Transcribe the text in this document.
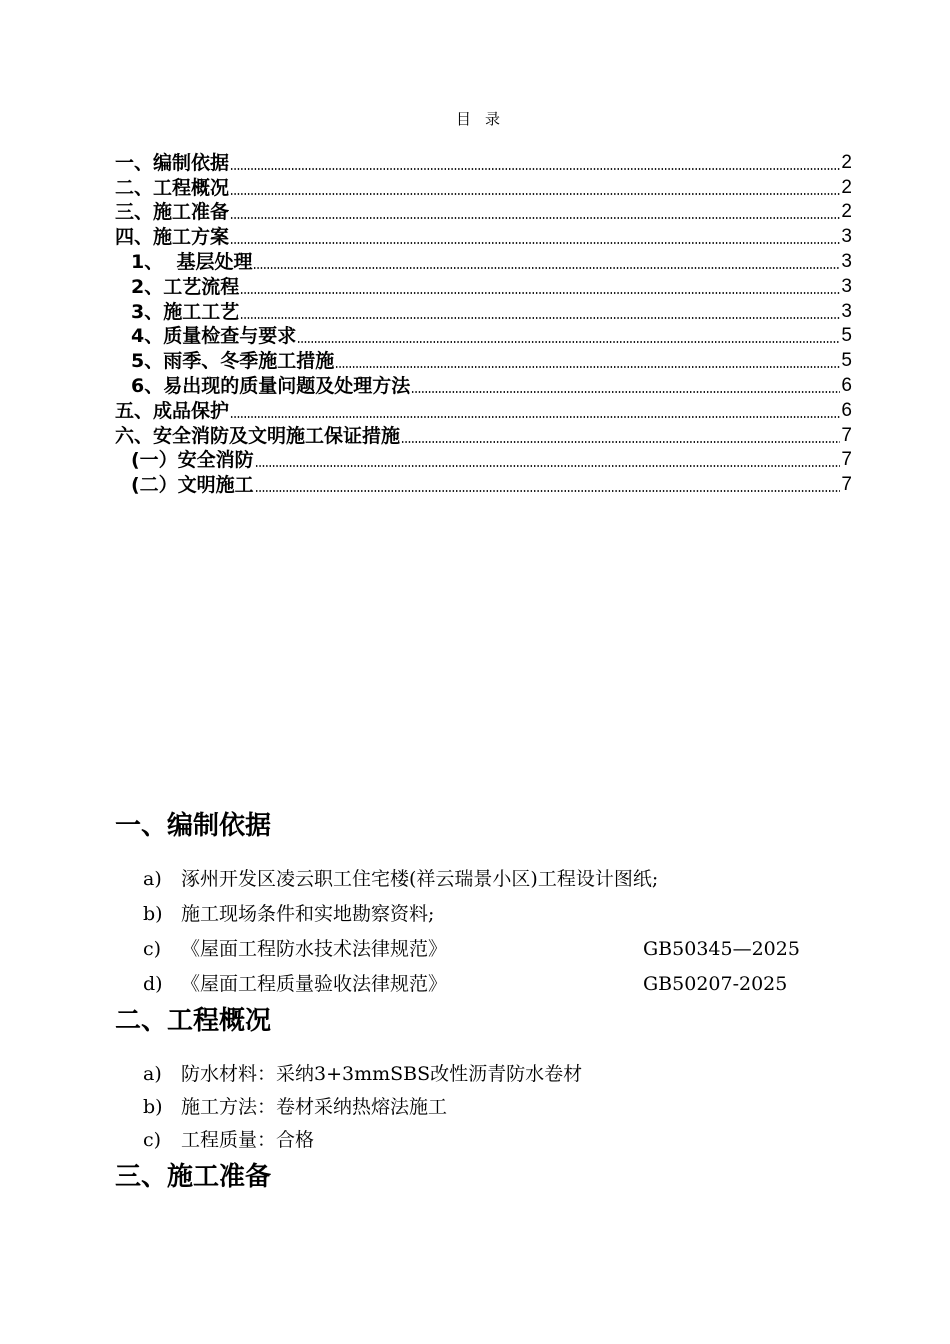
目录
一、编制依据	2
二、工程概况	2
三、施工准备	2
四、施工方案	3
1、  基层处理	3
2、工艺流程	3
3、施工工艺	3
4、质量检查与要求	5
5、雨季、冬季施工措施	5
6、易出现的质量问题及处理方法	6
五、成品保护	6
六、安全消防及文明施工保证措施	7
(一）安全消防	7
(二）文明施工	7
一、编制依据
a) 涿州开发区凌云职工住宅楼(祥云瑞景小区)工程设计图纸;
b) 施工现场条件和实地勘察资料;
c) 《屋面工程防水技术法律规范》	GB50345—2025
d) 《屋面工程质量验收法律规范》	GB50207-2025
二、工程概况
a) 防水材料：采纳3+3mmSBS改性沥青防水卷材
b) 施工方法：卷材采纳热熔法施工
c) 工程质量：合格
三、施工准备
